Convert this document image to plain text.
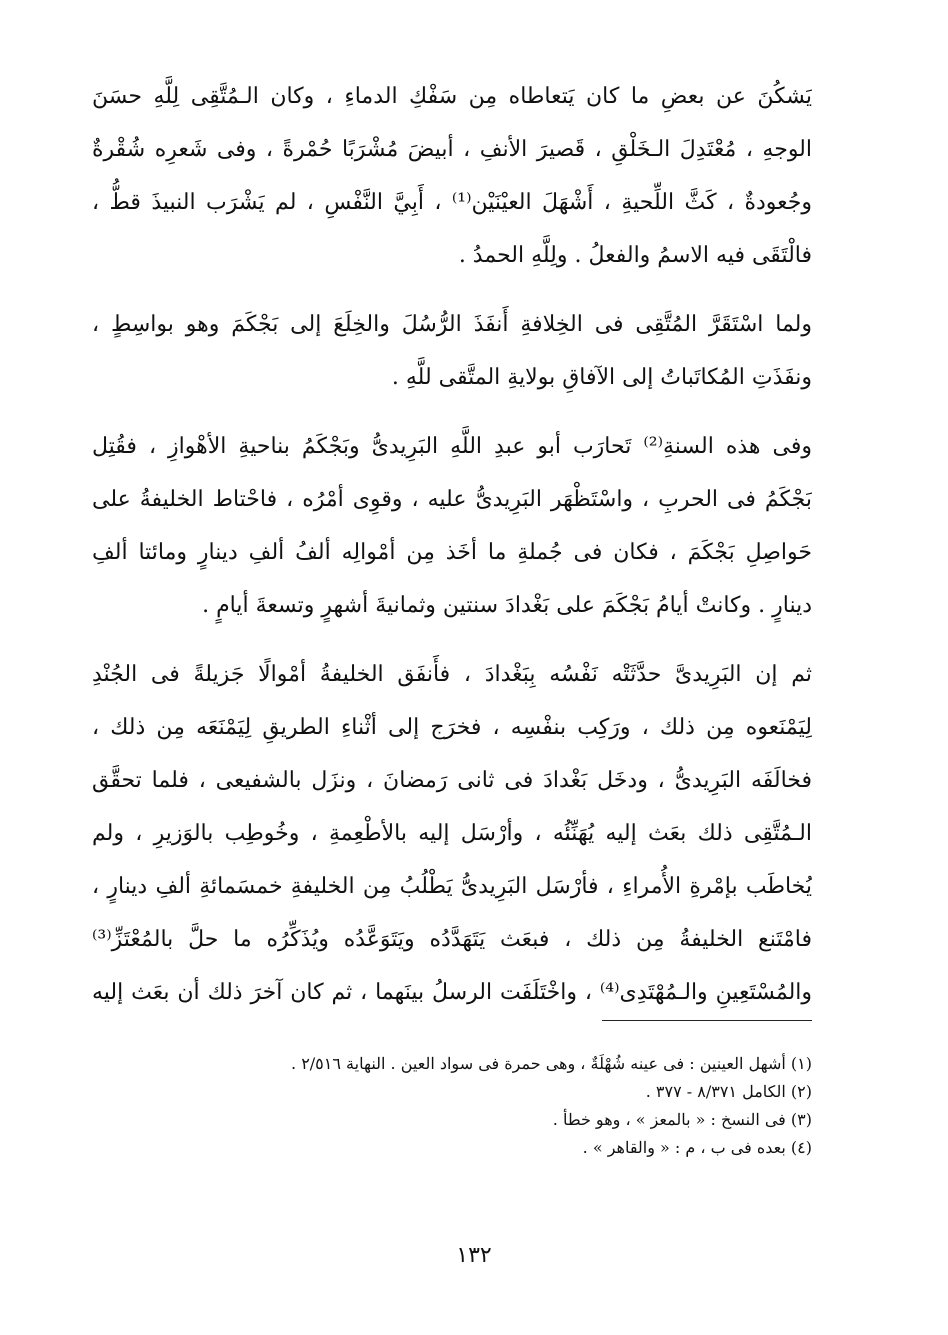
يَشكُنَ عن بعضِ ما كان يَتعاطاه مِن سَفْكِ الدماءِ ، وكان الـمُتَّقِى لِلَّهِ حسَنَ
الوجهِ ، مُعْتَدِلَ الـخَلْقِ ، قَصيرَ الأنفِ ، أبيضَ مُشْرَبًا حُمْرةً ، وفى شَعرِه شُقْرةٌ
وجُعودةٌ ، كَثَّ اللِّحيةِ ، أَشْهَلَ العيْنَيْن⁽¹⁾ ، أَبِيَّ النَّفْسِ ، لم يَشْرَب النبيذَ قطُّ ،
فالْتَقَى فيه الاسمُ والفعلُ . ولِلَّهِ الحمدُ .
ولما اسْتَقَرَّ المُتَّقِى فى الخِلافةِ أَنفَذَ الرُّسُلَ والخِلَعَ إلى بَجْكَمَ وهو بواسِطٍ ،
ونفَذَتِ المُكاتَباتُ إلى الآفاقِ بولايةِ المتَّقى للَّهِ .
وفى هذه السنةِ⁽²⁾ تَحارَب أبو عبدِ اللَّهِ البَرِيدىُّ وبَجْكَمُ بناحيةِ الأهْوازِ ، فقُتِل
بَجْكَمُ فى الحربِ ، واسْتَظْهَر البَرِيدىُّ عليه ، وقوِى أمْرُه ، فاحْتاط الخليفةُ على
حَواصِلِ بَجْكَمَ ، فكان فى جُملةِ ما أخَذ مِن أمْوالِه ألفُ ألفِ دينارٍ ومائتا ألفِ
دينارٍ . وكانتْ أيامُ بَجْكَمَ على بَغْدادَ سنتين وثمانيةَ أشهرٍ وتسعةَ أيامٍ .
ثم إن البَرِيدىَّ حدَّثَتْه نَفْسُه بِبَغْدادَ ، فأَنفَق الخليفةُ أمْوالًا جَزيلةً فى الجُنْدِ
لِيَمْنَعوه مِن ذلك ، ورَكِب بنفْسِه ، فخرَج إلى أثْناءِ الطريقِ لِيَمْنَعَه مِن ذلك ،
فخالَفَه البَرِيدىُّ ، ودخَل بَغْدادَ فى ثانى رَمضانَ ، ونزَل بالشفيعى ، فلما تحقَّق
الـمُتَّقِى ذلك بعَث إليه يُهَنِّئُه ، وأرْسَل إليه بالأطْعِمةِ ، وخُوطِب بالوَزيرِ ، ولم
يُخاطَب بإمْرةِ الأُمراءِ ، فأرْسَل البَرِيدىُّ يَطْلُبُ مِن الخليفةِ خمسَمائةِ ألفِ دينارٍ ،
فامْتَنع الخليفةُ مِن ذلك ، فبعَث يَتَهَدَّدُه ويَتَوَعَّدُه ويُذَكِّرُه ما حلَّ بالمُعْتَزِّ⁽³⁾
والمُسْتَعِينِ والـمُهْتَدِى⁽⁴⁾ ، واخْتَلَفَت الرسلُ بينَهما ، ثم كان آخرَ ذلك أن بعَث إليه
(١) أشهل العينين : فى عينه شُهْلَةٌ ، وهى حمرة فى سواد العين . النهاية ٢/٥١٦ .
(٢) الكامل ٨/٣٧١ - ٣٧٧ .
(٣) فى النسخ : « بالمعز » ، وهو خطأ .
(٤) بعده فى ب ، م : « والقاهر » .
١٣٢
